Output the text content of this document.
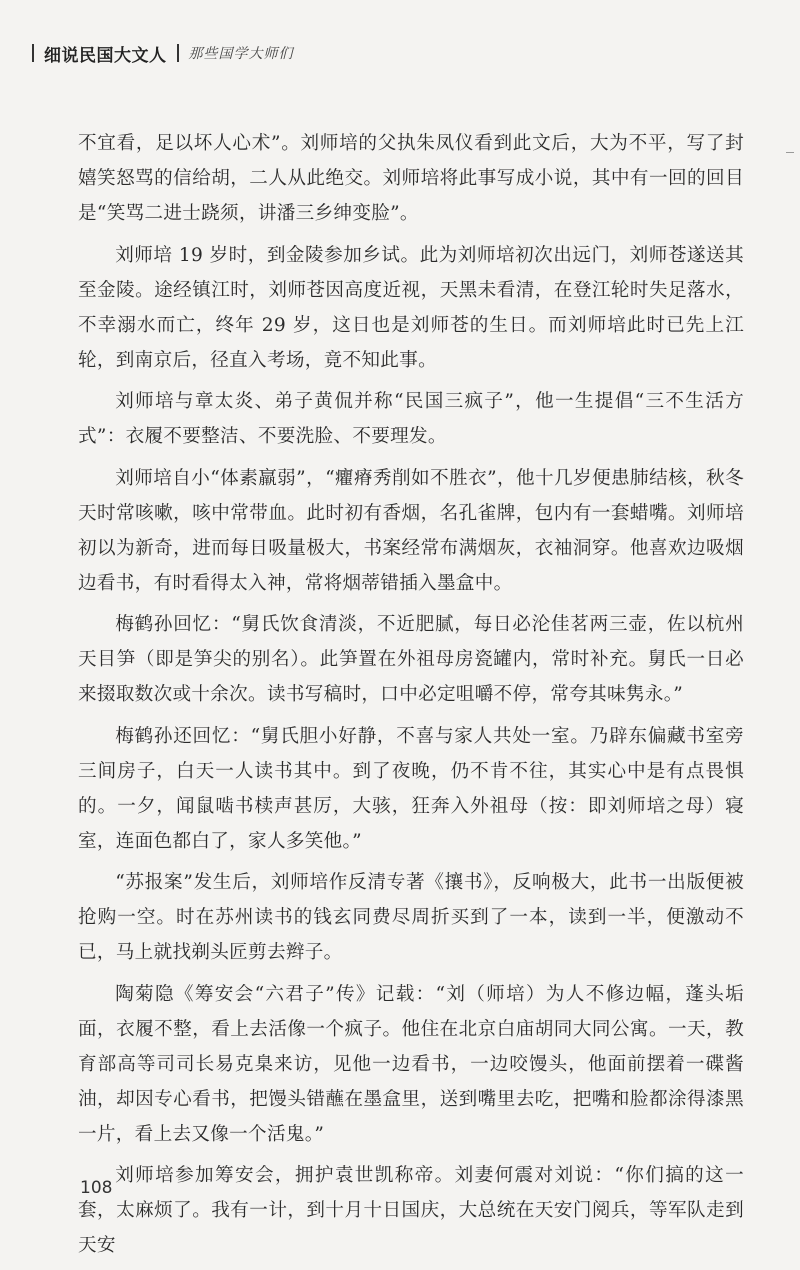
细说民国大文人 那些国学大师们

不宜看，足以坏人心术”。刘师培的父执朱凤仪看到此文后，大为不平，写了封嬉笑怒骂的信给胡，二人从此绝交。刘师培将此事写成小说，其中有一回的回目是“笑骂二进士跷须，讲潘三乡绅变脸”。

刘师培 19 岁时，到金陵参加乡试。此为刘师培初次出远门，刘师苍遂送其至金陵。途经镇江时，刘师苍因高度近视，天黑未看清，在登江轮时失足落水，不幸溺水而亡，终年 29 岁，这日也是刘师苍的生日。而刘师培此时已先上江轮，到南京后，径直入考场，竟不知此事。

刘师培与章太炎、弟子黄侃并称“民国三疯子”，他一生提倡“三不生活方式”：衣履不要整洁、不要洗脸、不要理发。

刘师培自小“体素羸弱”，“癯瘠秀削如不胜衣”，他十几岁便患肺结核，秋冬天时常咳嗽，咳中常带血。此时初有香烟，名孔雀牌，包内有一套蜡嘴。刘师培初以为新奇，进而每日吸量极大，书案经常布满烟灰，衣袖洞穿。他喜欢边吸烟边看书，有时看得太入神，常将烟蒂错插入墨盒中。

梅鹤孙回忆：“舅氏饮食清淡，不近肥腻，每日必沦佳茗两三壶，佐以杭州天目笋（即是笋尖的别名）。此笋置在外祖母房瓷罐内，常时补充。舅氏一日必来掇取数次或十余次。读书写稿时，口中必定咀嚼不停，常夸其味隽永。”

梅鹤孙还回忆：“舅氏胆小好静，不喜与家人共处一室。乃辟东偏藏书室旁三间房子，白天一人读书其中。到了夜晚，仍不肯不往，其实心中是有点畏惧的。一夕，闻鼠啮书椟声甚厉，大骇，狂奔入外祖母（按：即刘师培之母）寝室，连面色都白了，家人多笑他。”

“苏报案”发生后，刘师培作反清专著《攘书》，反响极大，此书一出版便被抢购一空。时在苏州读书的钱玄同费尽周折买到了一本，读到一半，便激动不已，马上就找剃头匠剪去辫子。

陶菊隐《筹安会“六君子”传》记载：“刘（师培）为人不修边幅，蓬头垢面，衣履不整，看上去活像一个疯子。他住在北京白庙胡同大同公寓。一天，教育部高等司司长易克臬来访，见他一边看书，一边咬馒头，他面前摆着一碟酱油，却因专心看书，把馒头错蘸在墨盒里，送到嘴里去吃，把嘴和脸都涂得漆黑一片，看上去又像一个活鬼。”

刘师培参加筹安会，拥护袁世凯称帝。刘妻何震对刘说：“你们搞的这一套，太麻烦了。我有一计，到十月十日国庆，大总统在天安门阅兵，等军队走到天安

108
